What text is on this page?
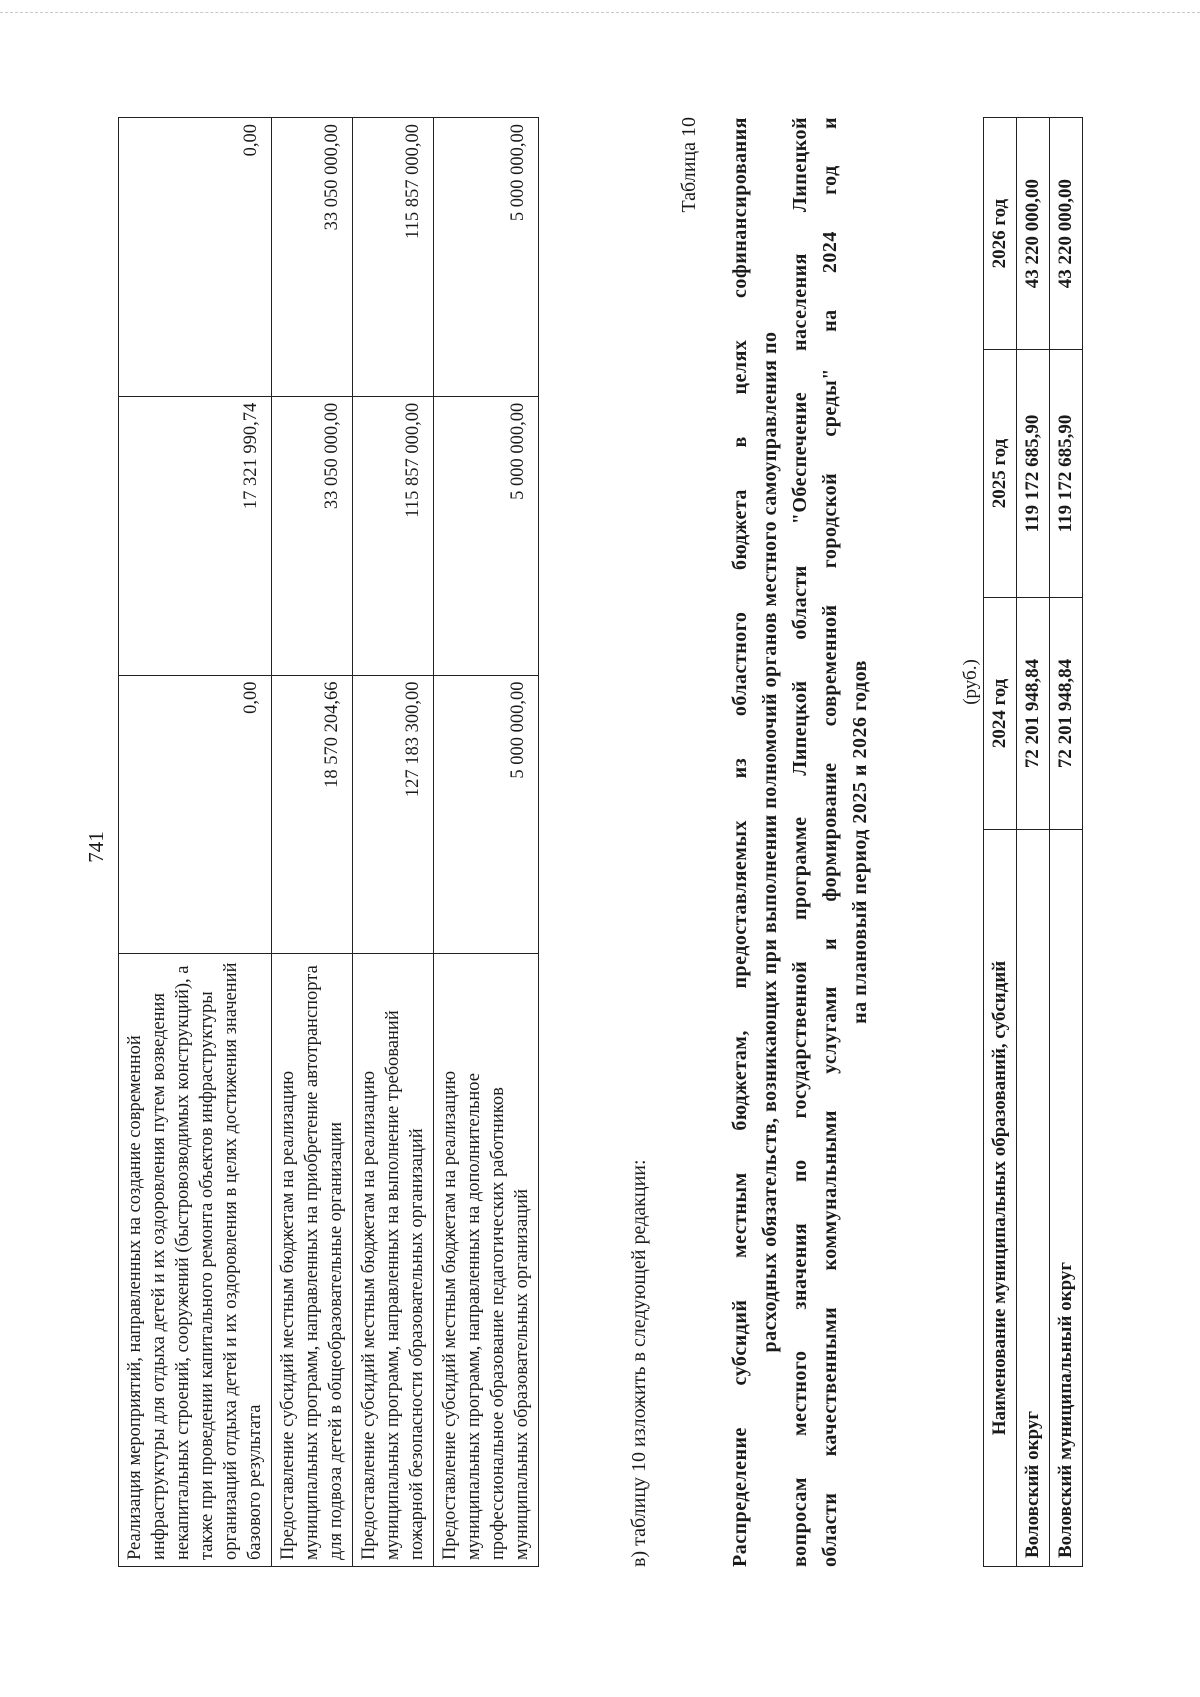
741
Реализация мероприятий, направленных на создание современной инфраструктуры для отдыха детей и их оздоровления путем возведения некапитальных строений, сооружений (быстровозводимых конструкций), а также при проведении капитального ремонта объектов инфраструктуры организаций отдыха детей и их оздоровления в целях достижения значений базового результата	0,00	17 321 990,74	0,00
Предоставление субсидий местным бюджетам на реализацию муниципальных программ, направленных на приобретение автотранспорта для подвоза детей в общеобразовательные организации	18 570 204,66	33 050 000,00	33 050 000,00
Предоставление субсидий местным бюджетам на реализацию муниципальных программ, направленных на выполнение требований пожарной безопасности образовательных организаций	127 183 300,00	115 857 000,00	115 857 000,00
Предоставление субсидий местным бюджетам на реализацию муниципальных программ, направленных на дополнительное профессиональное образование педагогических работников муниципальных образовательных организаций	5 000 000,00	5 000 000,00	5 000 000,00
в) таблицу 10 изложить в следующей редакции:
Таблица 10 Распределение субсидий местным бюджетам, предоставляемых из областного бюджета в целях софинансирования расходных обязательств, возникающих при выполнении полномочий органов местного самоуправления по вопросам местного значения по государственной программе Липецкой области "Обеспечение населения Липецкой области качественными коммунальными услугами и формирование современной городской среды" на 2024 год и на плановый период 2025 и 2026 годов	(руб.)
Наименование муниципальных образований, субсидий	2024 год	2025 год	2026 год
Воловский округ	72 201 948,84	119 172 685,90	43 220 000,00
Воловский муниципальный округ	72 201 948,84	119 172 685,90	43 220 000,00
